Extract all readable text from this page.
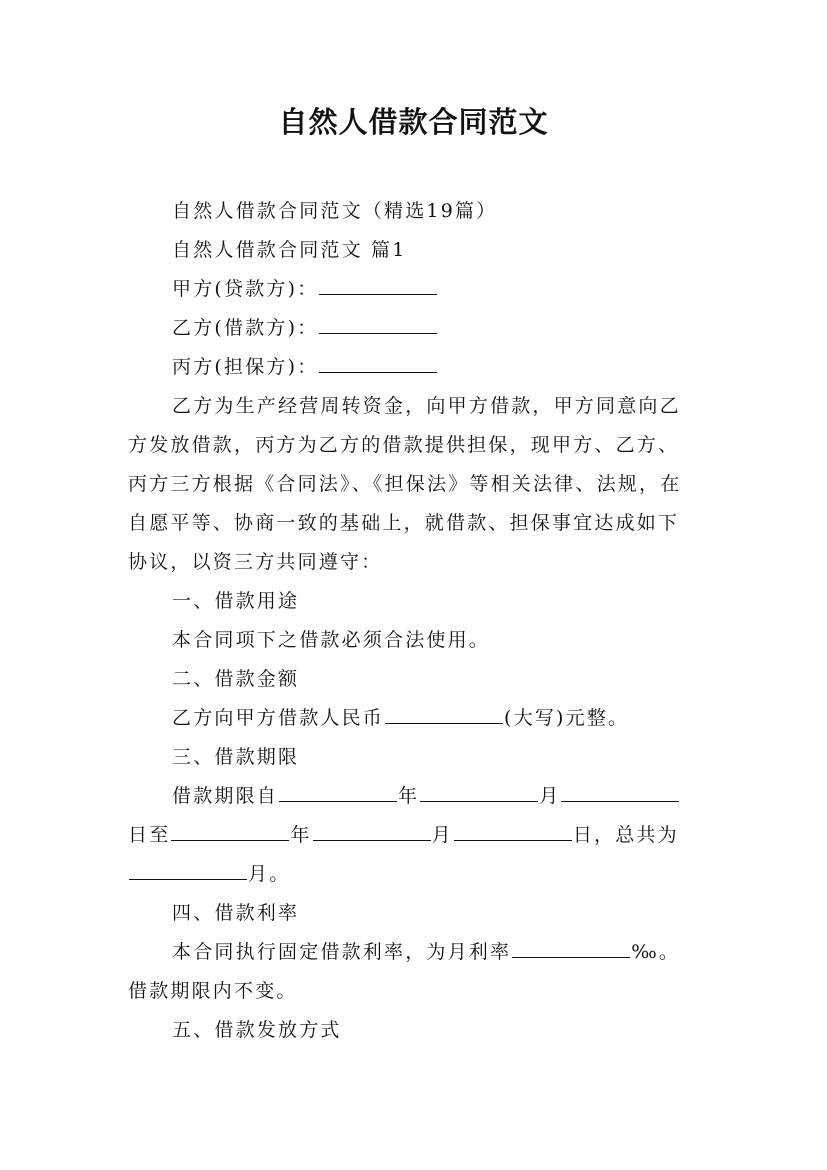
自然人借款合同范文
自然人借款合同范文（精选19篇）
自然人借款合同范文 篇1
甲方(贷款方)：
乙方(借款方)：
丙方(担保方)：
乙方为生产经营周转资金，向甲方借款，甲方同意向乙
方发放借款，丙方为乙方的借款提供担保，现甲方、乙方、
丙方三方根据《合同法》、《担保法》等相关法律、法规，在
自愿平等、协商一致的基础上，就借款、担保事宜达成如下
协议，以资三方共同遵守：
一、借款用途
本合同项下之借款必须合法使用。
二、借款金额
乙方向甲方借款人民币	(大写)元整。
三、借款期限
借款期限自	年	月
日至	年	月	日，总共为
月。
四、借款利率
本合同执行固定借款利率，为月利率	‰。
借款期限内不变。
五、借款发放方式
